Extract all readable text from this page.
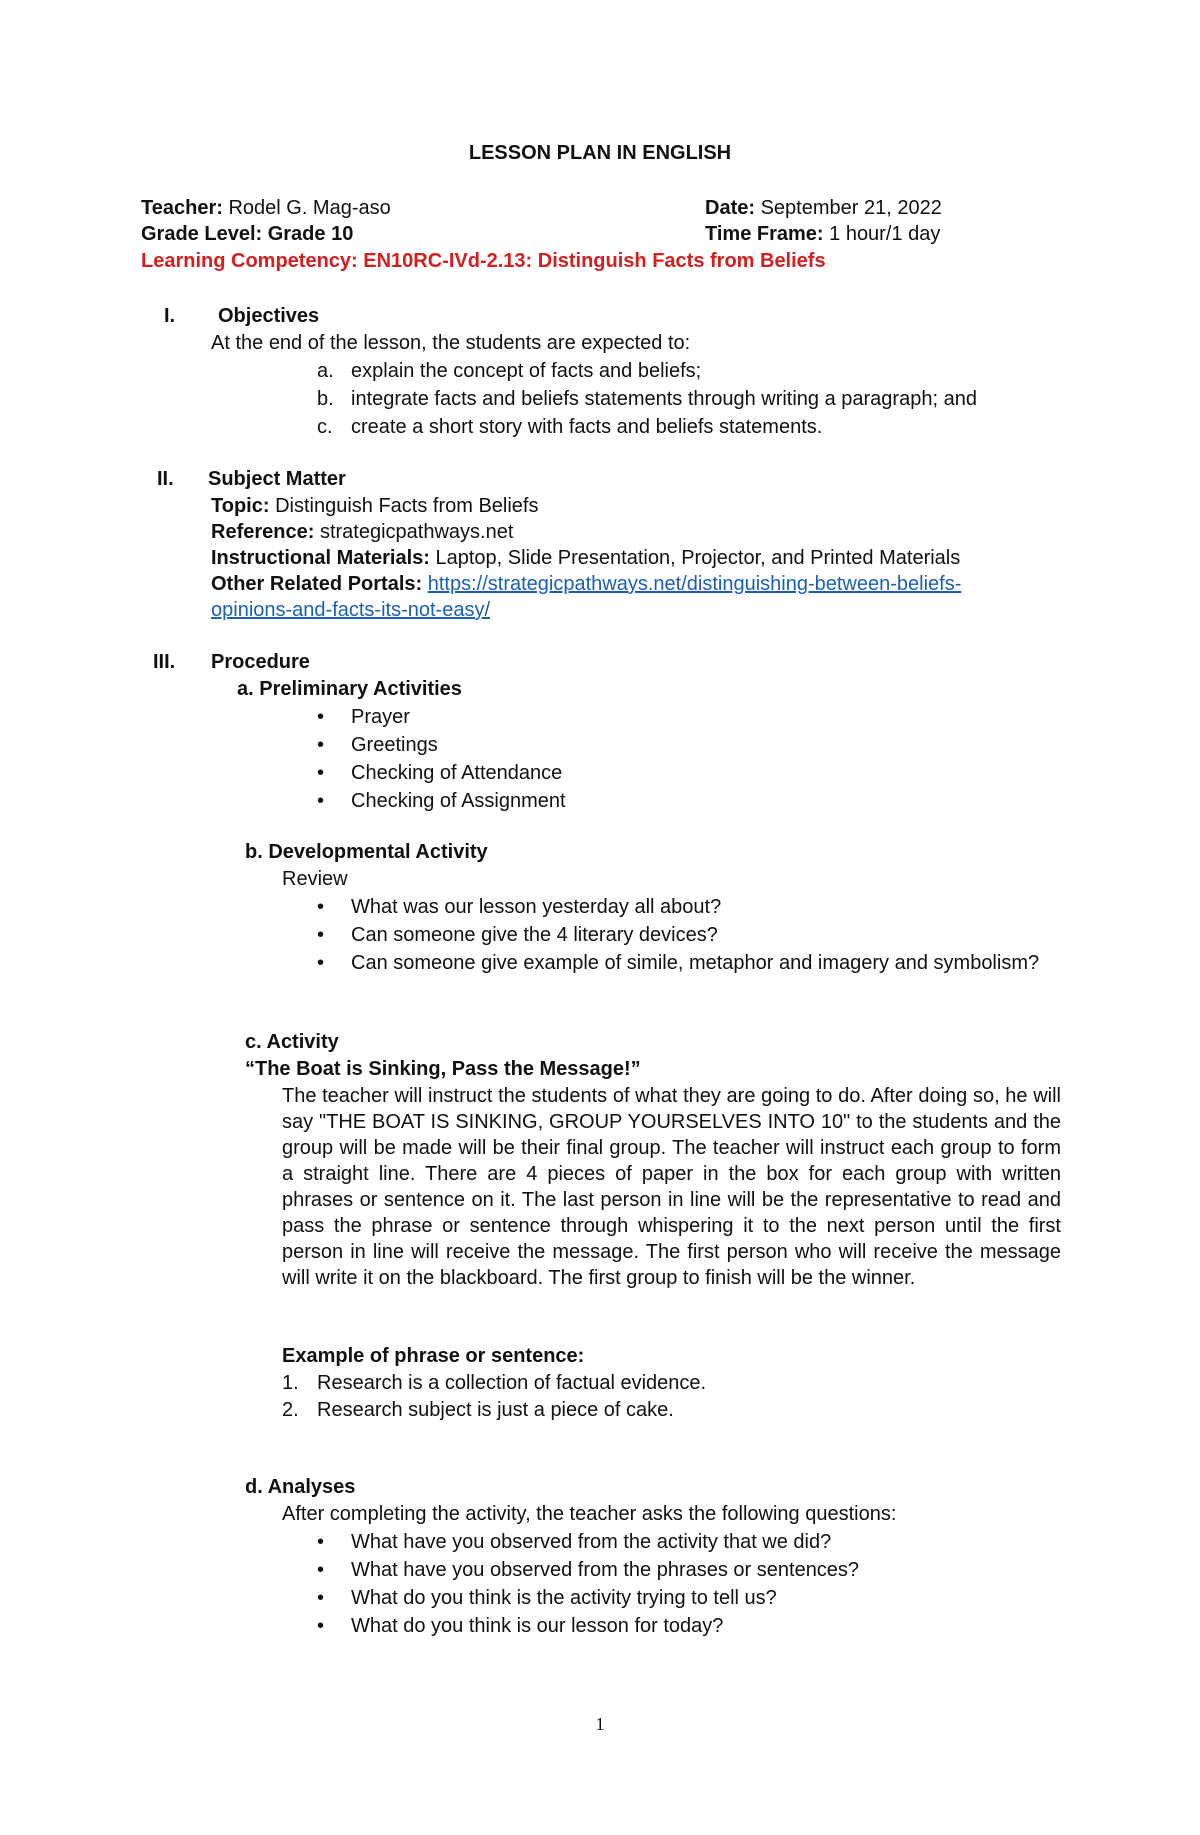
LESSON PLAN IN ENGLISH
Teacher: Rodel G. Mag-aso	Date: September 21, 2022
Grade Level: Grade 10	Time Frame: 1 hour/1 day
Learning Competency: EN10RC-IVd-2.13: Distinguish Facts from Beliefs
I. Objectives
At the end of the lesson, the students are expected to:
a. explain the concept of facts and beliefs;
b. integrate facts and beliefs statements through writing a paragraph; and
c. create a short story with facts and beliefs statements.
II. Subject Matter
Topic: Distinguish Facts from Beliefs
Reference: strategicpathways.net
Instructional Materials: Laptop, Slide Presentation, Projector, and Printed Materials
Other Related Portals: https://strategicpathways.net/distinguishing-between-beliefs-
opinions-and-facts-its-not-easy/
III. Procedure
a. Preliminary Activities
• Prayer
• Greetings
• Checking of Attendance
• Checking of Assignment
b. Developmental Activity
Review
• What was our lesson yesterday all about?
• Can someone give the 4 literary devices?
• Can someone give example of simile, metaphor and imagery and symbolism?
c. Activity
“The Boat is Sinking, Pass the Message!”
The teacher will instruct the students of what they are going to do. After doing so, he will say "THE BOAT IS SINKING, GROUP YOURSELVES INTO 10" to the students and the group will be made will be their final group. The teacher will instruct each group to form a straight line. There are 4 pieces of paper in the box for each group with written phrases or sentence on it. The last person in line will be the representative to read and pass the phrase or sentence through whispering it to the next person until the first person in line will receive the message. The first person who will receive the message will write it on the blackboard. The first group to finish will be the winner.
Example of phrase or sentence:
1. Research is a collection of factual evidence.
2. Research subject is just a piece of cake.
d. Analyses
After completing the activity, the teacher asks the following questions:
• What have you observed from the activity that we did?
• What have you observed from the phrases or sentences?
• What do you think is the activity trying to tell us?
• What do you think is our lesson for today?
1
